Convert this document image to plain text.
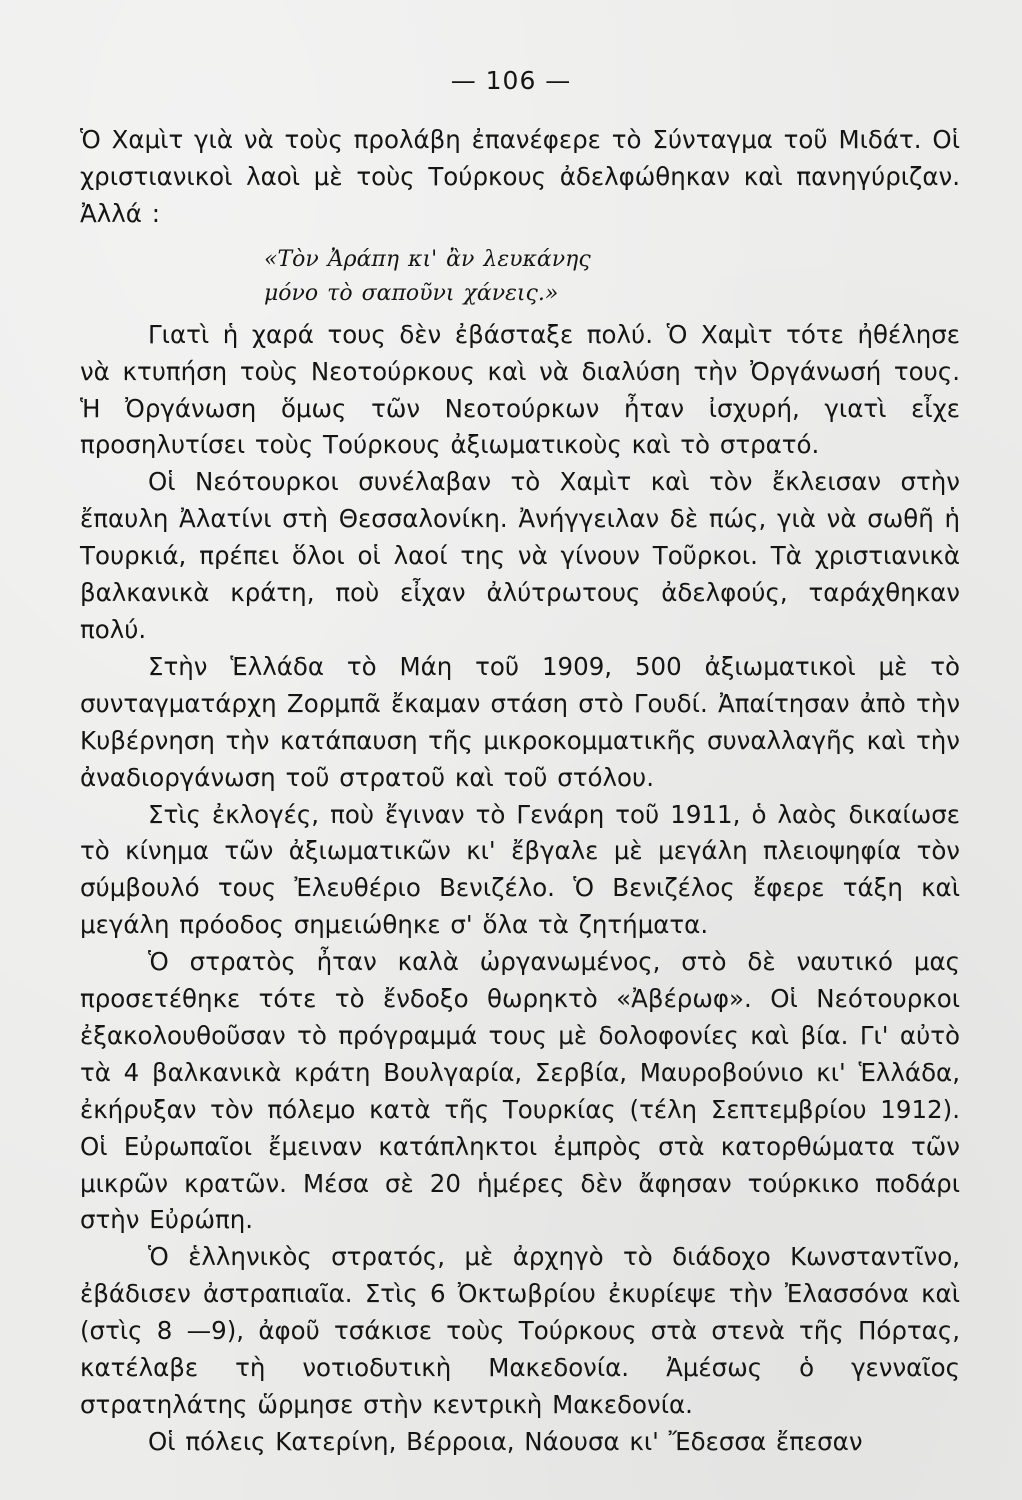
— 106 —

Ὁ Χαμὶτ γιὰ νὰ τοὺς προλάβη ἐπανέφερε τὸ Σύνταγμα τοῦ Μιδάτ. Οἱ χριστιανικοὶ λαοὶ μὲ τοὺς Τούρκους ἀδελφώθηκαν καὶ πανηγύριζαν. Ἀλλά :

«Τὸν Ἀράπη κι' ἂν λευκάνης
μόνο τὸ σαποῦνι χάνεις.»

Γιατὶ ἡ χαρά τους δὲν ἐβάσταξε πολύ. Ὁ Χαμὶτ τότε ἠθέλησε νὰ κτυπήση τοὺς Νεοτούρκους καὶ νὰ διαλύση τὴν Ὀργάνωσή τους. Ἡ Ὀργάνωση ὅμως τῶν Νεοτούρκων ἦταν ἰσχυρή, γιατὶ εἶχε προσηλυτίσει τοὺς Τούρκους ἀξιωματικοὺς καὶ τὸ στρατό.

Οἱ Νεότουρκοι συνέλαβαν τὸ Χαμὶτ καὶ τὸν ἔκλεισαν στὴν ἔπαυλη Ἀλατίνι στὴ Θεσσαλονίκη. Ἀνήγγειλαν δὲ πώς, γιὰ νὰ σωθῆ ἡ Τουρκιά, πρέπει ὅλοι οἱ λαοί της νὰ γίνουν Τοῦρκοι. Τὰ χριστιανικὰ βαλκανικὰ κράτη, ποὺ εἶχαν ἀλύτρωτους ἀδελφούς, ταράχθηκαν πολύ.

Στὴν Ἑλλάδα τὸ Μάη τοῦ 1909, 500 ἀξιωματικοὶ μὲ τὸ συνταγματάρχη Ζορμπᾶ ἔκαμαν στάση στὸ Γουδί. Ἀπαίτησαν ἀπὸ τὴν Κυβέρνηση τὴν κατάπαυση τῆς μικροκομματικῆς συναλλαγῆς καὶ τὴν ἀναδιοργάνωση τοῦ στρατοῦ καὶ τοῦ στόλου.

Στὶς ἐκλογές, ποὺ ἔγιναν τὸ Γενάρη τοῦ 1911, ὁ λαὸς δικαίωσε τὸ κίνημα τῶν ἀξιωματικῶν κι' ἔβγαλε μὲ μεγάλη πλειοψηφία τὸν σύμβουλό τους Ἐλευθέριο Βενιζέλο. Ὁ Βενιζέλος ἔφερε τάξη καὶ μεγάλη πρόοδος σημειώθηκε σ' ὅλα τὰ ζητήματα.

Ὁ στρατὸς ἦταν καλὰ ὠργανωμένος, στὸ δὲ ναυτικό μας προσετέθηκε τότε τὸ ἔνδοξο θωρηκτὸ «Ἀβέρωφ». Οἱ Νεότουρκοι ἐξακολουθοῦσαν τὸ πρόγραμμά τους μὲ δολοφονίες καὶ βία. Γι' αὐτὸ τὰ 4 βαλκανικὰ κράτη Βουλγαρία, Σερβία, Μαυροβούνιο κι' Ἑλλάδα, ἐκήρυξαν τὸν πόλεμο κατὰ τῆς Τουρκίας (τέλη Σεπτεμβρίου 1912). Οἱ Εὐρωπαῖοι ἔμειναν κατάπληκτοι ἐμπρὸς στὰ κατορθώματα τῶν μικρῶν κρατῶν. Μέσα σὲ 20 ἡμέρες δὲν ἄφησαν τούρκικο ποδάρι στὴν Εὐρώπη.

Ὁ ἑλληνικὸς στρατός, μὲ ἀρχηγὸ τὸ διάδοχο Κωνσταντῖνο, ἐβάδισεν ἀστραπιαῖα. Στὶς 6 Ὀκτωβρίου ἐκυρίεψε τὴν Ἐλασσόνα καὶ (στὶς 8 —9), ἀφοῦ τσάκισε τοὺς Τούρκους στὰ στενὰ τῆς Πόρτας, κατέλαβε τὴ νοτιοδυτικὴ Μακεδονία. Ἀμέσως ὁ γενναῖος στρατηλάτης ὥρμησε στὴν κεντρικὴ Μακεδονία.

Οἱ πόλεις Κατερίνη, Βέρροια, Νάουσα κι' Ἔδεσσα ἔπεσαν
